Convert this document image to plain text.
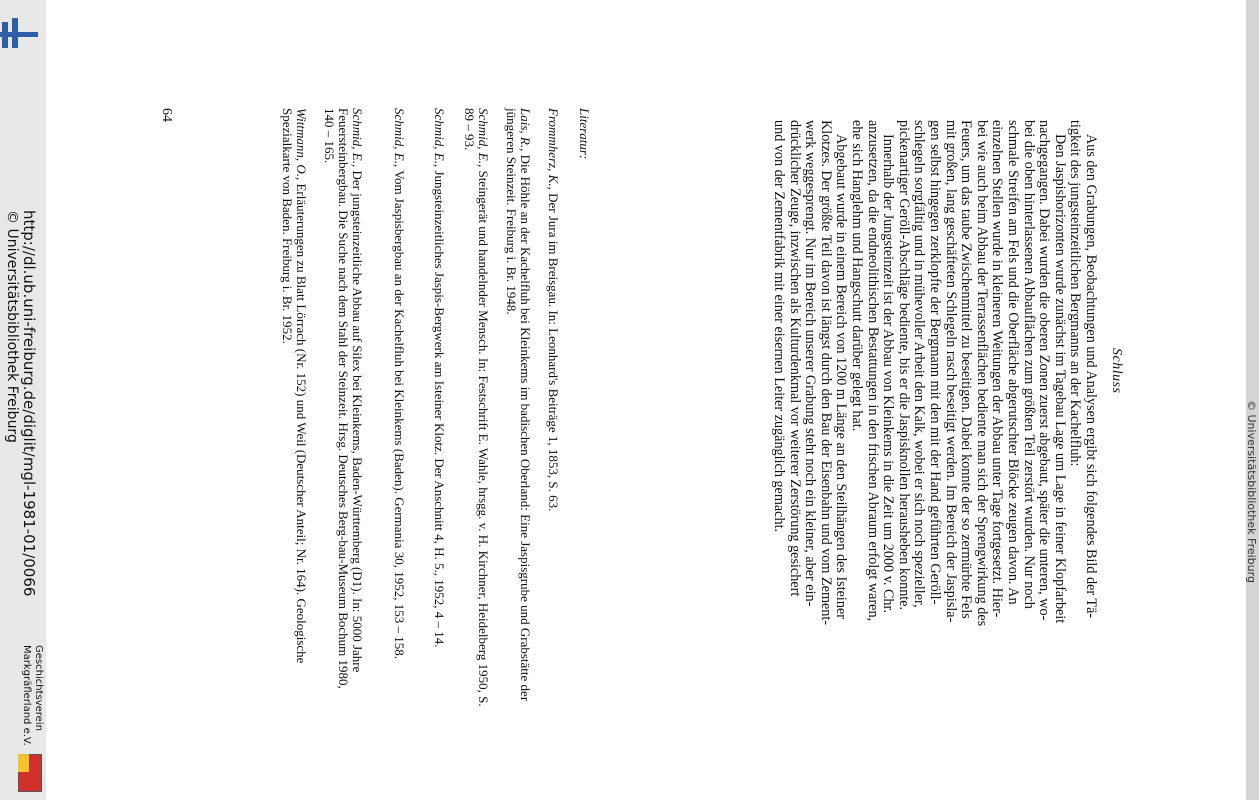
http://dl.ub.uni-freiburg.de/diglit/mgl-1981-01/0066
© Universitätsbibliothek Freiburg
Geschichtsverein
Markgräflerland e.V.
Schluss
Aus den Grabungen, Beobachtungen und Analysen ergibt sich folgendes Bild der Tä-
tigkeit des jungsteinzeitlichen Bergmanns an der Kachelfluh:
Den Jaspishorizonten wurde zunächst im Tagebau Lage um Lage in feiner Klopfarbeit
nachgegangen. Dabei wurden die oberen Zonen zuerst abgebaut, später die unteren, wo-
bei die oben hinterlassenen Abbauflächen zum größten Teil zerstört wurden. Nur noch
schmale Streifen am Fels und die Oberfläche abgerutschter Blöcke zeugen davon. An
einzelnen Stellen wurde in kleineren Weitungen der Abbau unter Tage fortgesetzt. Hier-
bei wie auch beim Abbau der Terrassenflächen bediente man sich der Sprengwirkung des
Feuers, um das taube Zwischenmittel zu beseitigen. Dabei konnte der so zermürbte Fels
mit großen, lang geschäfteten Schlegeln rasch beseitigt werden. Im Bereich der Jaspisla-
gen selbst hingegen zerklopfte der Bergmann mit den mit der Hand geführten Geröll-
schlegeln sorgfältig und in mühevoller Arbeit den Kalk, wobei er sich noch spezieller,
pickenartiger Geröll-Abschläge bediente, bis er die Jaspisknollen herausheben konnte.
Innerhalb der Jungsteinzeit ist der Abbau von Kleinkems in die Zeit um 2000 v. Chr.
anzusetzen, da die endneolithischen Bestattungen in den frischen Abraum erfolgt waren,
ehe sich Hanglehm und Hangschutt darüber gelegt hat.
Abgebaut wurde in einem Bereich von 1200 m Länge an den Steilhängen des Isteiner
Klotzes. Der größte Teil davon ist längst durch den Bau der Eisenbahn und vom Zement-
werk weggesprengt. Nur im Bereich unserer Grabung steht noch ein kleiner, aber ein-
drücklicher Zeuge, inzwischen als Kulturdenkmal vor weiterer Zerstörung gesichert
und von der Zementfabrik mit einer eisernen Leiter zugänglich gemacht.
Literatur:
Frommherz, K., Der Jura im Breisgau. In: Leonhard's Beiträge 1, 1853, S. 63.
Lais, R., Die Höhle an der Kachelfluh bei Kleinkems im badischen Oberland: Eine Jaspisgrube und Grabstätte der jüngeren Steinzeit. Freiburg i. Br. 1948.
Schmid, E., Steingerät und handelnder Mensch. In: Festschrift E. Wahle, hrsgg. v. H. Kirchner, Heidelberg 1950, S. 89 – 93.
Schmid, E., Jungsteinzeitliches Jaspis-Bergwerk am Isteiner Klotz. Der Anschnitt 4, H. 5., 1952, 4 – 14.
Schmid, E., Vom Jaspisbergbau an der Kachelfluh bei Kleinkems (Baden). Germania 30, 1952, 153 – 158.
Schmid, E., Der jungsteinzeitliche Abbau auf Silex bei Kleinkems, Baden-Württemberg (D1). In: 5000 Jahre Feuersteinbergbau. Die Suche nach dem Stahl der Steinzeit. Hrsg. Deutsches Berg-bau-Museum Bochum 1980, 140 – 165.
Wittmann, O., Erläuterungen zu Blatt Lörrach (Nr. 152) und Weil (Deutscher Anteil; Nr. 164). Geologische Spezialkarte von Baden. Freiburg i. Br. 1952.
64
© Universitätsbibliothek Freiburg
